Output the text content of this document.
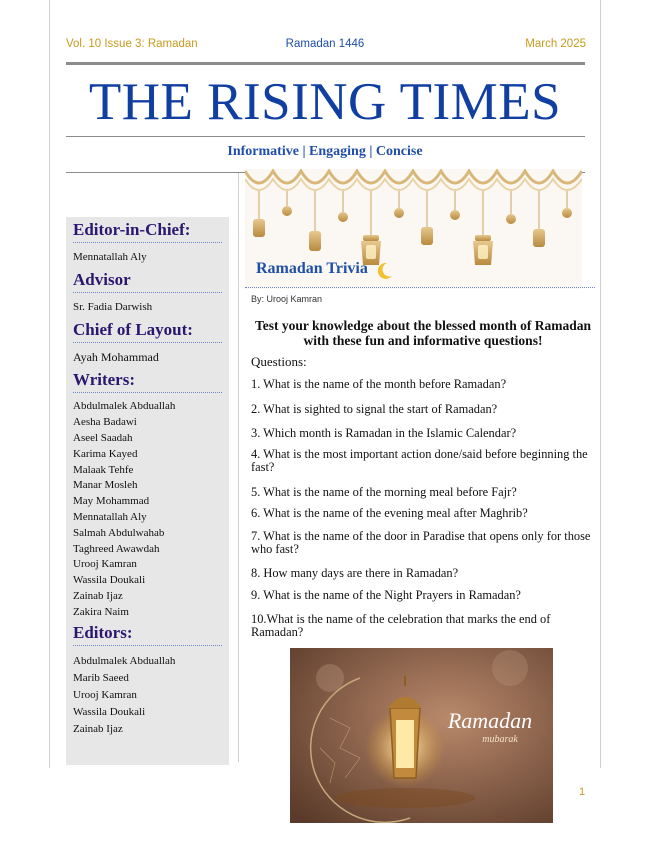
Vol. 10 Issue 3: Ramadan	Ramadan 1446	March 2025
THE RISING TIMES
Informative | Engaging | Concise
Editor-in-Chief:
Mennatallah Aly
Advisor
Sr. Fadia Darwish
Chief of Layout:
Ayah Mohammad
Writers:
Abdulmalek Abduallah
Aesha Badawi
Aseel Saadah
Karima Kayed
Malaak Tehfe
Manar Mosleh
May Mohammad
Mennatallah Aly
Salmah Abdulwahab
Taghreed Awawdah
Urooj Kamran
Wassila Doukali
Zainab Ijaz
Zakira Naim
Editors:
Abdulmalek Abduallah
Marib Saeed
Urooj Kamran
Wassila Doukali
Zainab Ijaz
Ramadan Trivia
By: Urooj Kamran
Test your knowledge about the blessed month of Ramadan with these fun and informative questions!
Questions:
1. What is the name of the month before Ramadan?
2. What is sighted to signal the start of Ramadan?
3. Which month is Ramadan in the Islamic Calendar?
4. What is the most important action done/said before beginning the fast?
5. What is the name of the morning meal before Fajr?
6. What is the name of the evening meal after Maghrib?
7. What is the name of the door in Paradise that opens only for those who fast?
8. How many days are there in Ramadan?
9. What is the name of the Night Prayers in Ramadan?
10.What is the name of the celebration that marks the end of Ramadan?
Ramadan
mubarak
1
